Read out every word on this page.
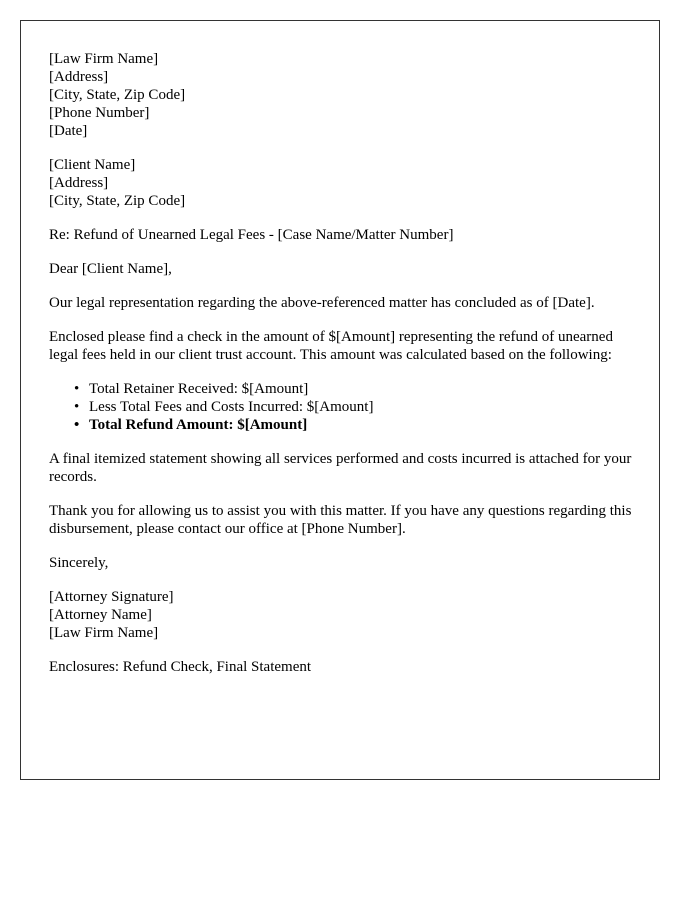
[Law Firm Name]
[Address]
[City, State, Zip Code]
[Phone Number]
[Date]
[Client Name]
[Address]
[City, State, Zip Code]

Re: Refund of Unearned Legal Fees - [Case Name/Matter Number]

Dear [Client Name],

Our legal representation regarding the above-referenced matter has concluded as of [Date].

Enclosed please find a check in the amount of $[Amount] representing the refund of unearned legal fees held in our client trust account. This amount was calculated based on the following:

• Total Retainer Received: $[Amount]
• Less Total Fees and Costs Incurred: $[Amount]
• Total Refund Amount: $[Amount]

A final itemized statement showing all services performed and costs incurred is attached for your records.

Thank you for allowing us to assist you with this matter. If you have any questions regarding this disbursement, please contact our office at [Phone Number].

Sincerely,

[Attorney Signature]
[Attorney Name]
[Law Firm Name]

Enclosures: Refund Check, Final Statement
